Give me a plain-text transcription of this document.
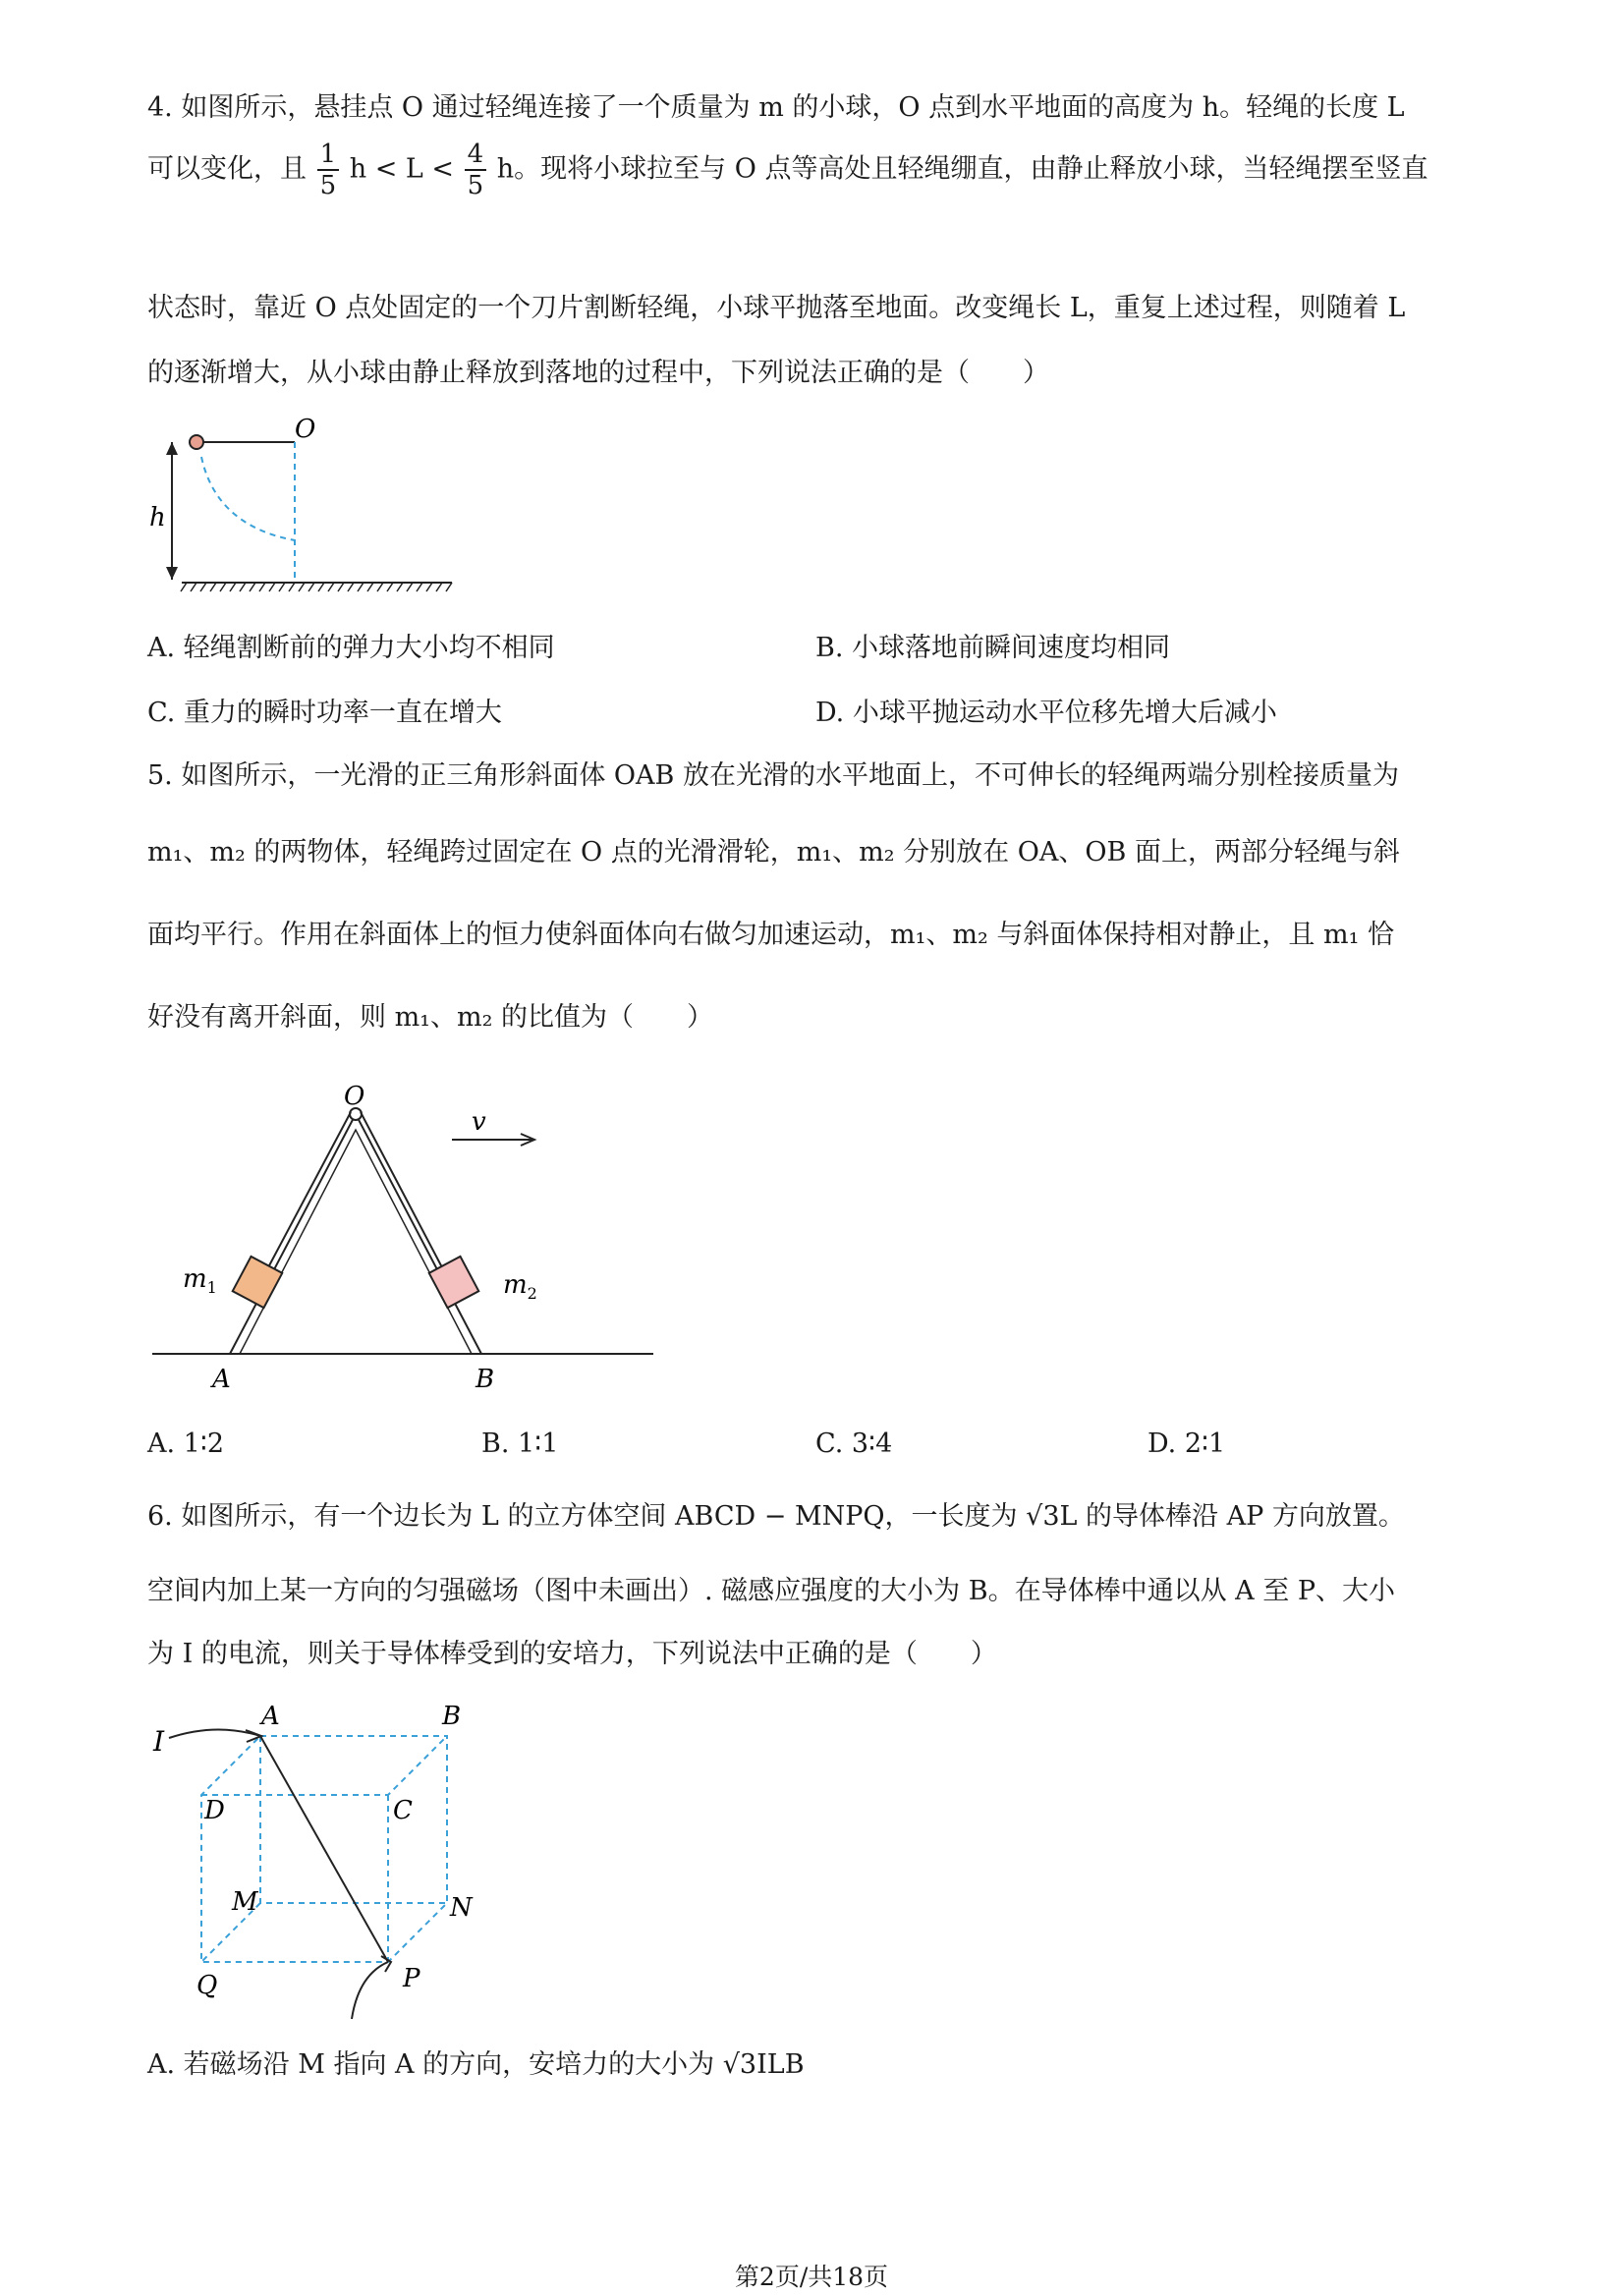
4. 如图所示，悬挂点 O 通过轻绳连接了一个质量为 m 的小球，O 点到水平地面的高度为 h。轻绳的长度 L
可以变化，且 $\frac{1}{5}$ $h < L < \frac{4}{5}$ h。现将小球拉至与 O 点等高处且轻绳绷直，由静止释放小球，当轻绳摆至竖直
状态时，靠近 O 点处固定的一个刀片割断轻绳，小球平抛落至地面。改变绳长 L，重复上述过程，则随着 L
的逐渐增大，从小球由静止释放到落地的过程中，下列说法正确的是（　　）
O
h
A. 轻绳割断前的弹力大小均不相同	B. 小球落地前瞬间速度均相同
C. 重力的瞬时功率一直在增大	D. 小球平抛运动水平位移先增大后减小
5. 如图所示，一光滑的正三角形斜面体 OAB 放在光滑的水平地面上，不可伸长的轻绳两端分别栓接质量为
m₁、m₂ 的两物体，轻绳跨过固定在 O 点的光滑滑轮，m₁、m₂ 分别放在 OA、OB 面上，两部分轻绳与斜
面均平行。作用在斜面体上的恒力使斜面体向右做匀加速运动，m₁、m₂ 与斜面体保持相对静止，且 m₁ 恰
好没有离开斜面，则 m₁、m₂ 的比值为（　　）
O
v
$m_1$	$m_2$
A	B
A. 1∶2	B. 1∶1	C. 3∶4	D. 2∶1
6. 如图所示，有一个边长为 L 的立方体空间 ABCD − MNPQ，一长度为 √3L 的导体棒沿 AP 方向放置。
空间内加上某一方向的匀强磁场（图中未画出）. 磁感应强度的大小为 B。在导体棒中通以从 A 至 P、大小
为 I 的电流，则关于导体棒受到的安培力，下列说法中正确的是（　　）
I
A	B
C
D
M	N
P
Q
A. 若磁场沿 M 指向 A 的方向，安培力的大小为 √3ILB
第2页/共18页
